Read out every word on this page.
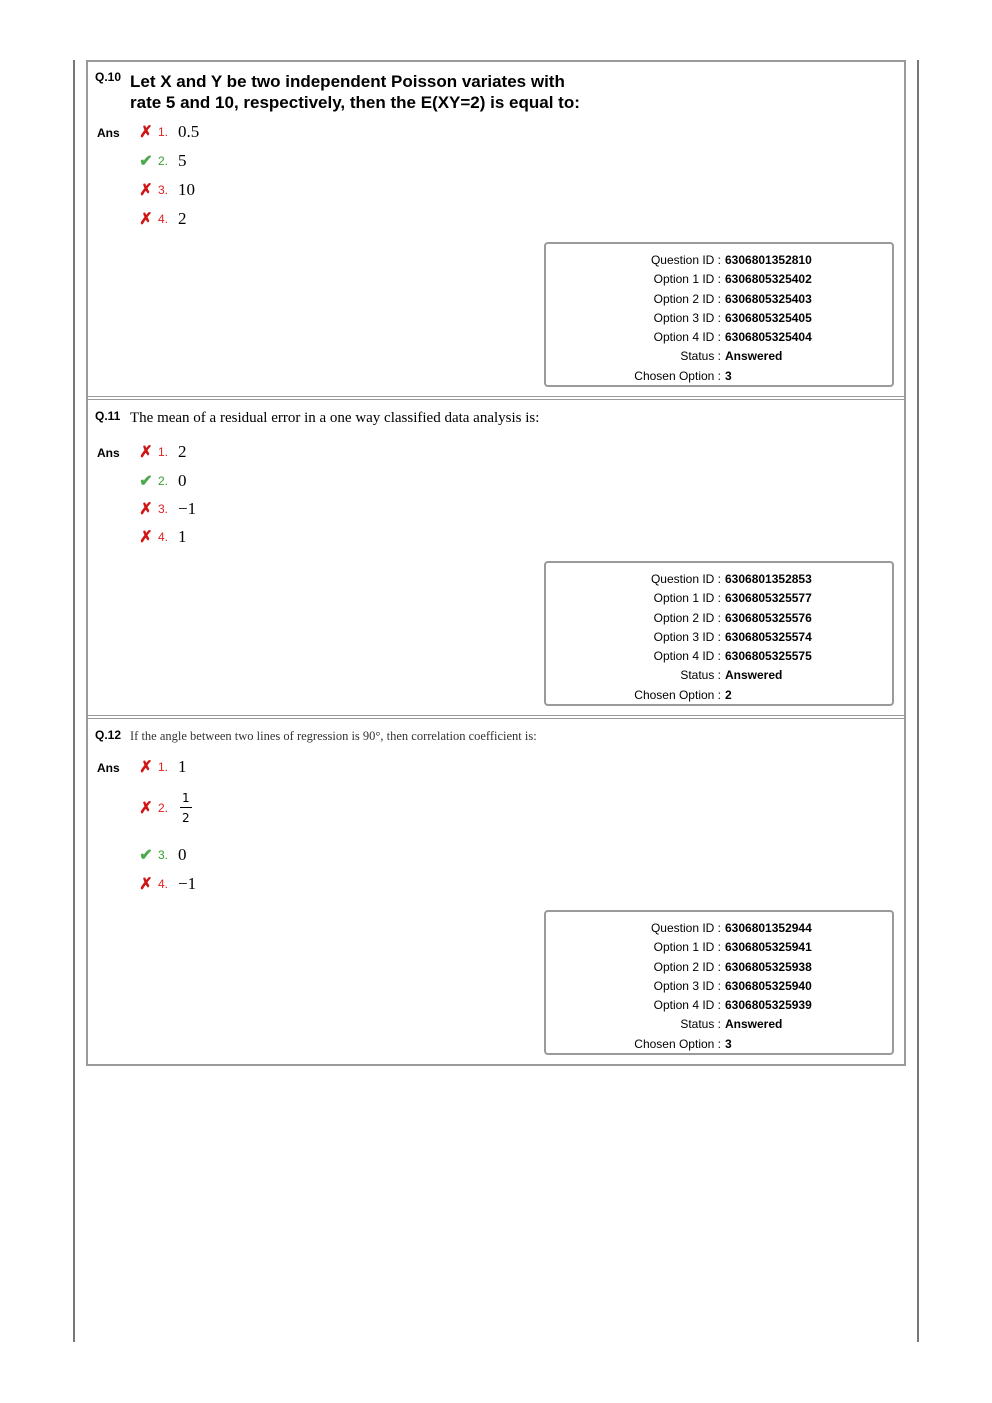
Q.10 Let X and Y be two independent Poisson variates with
rate 5 and 10, respectively, then the E(XY=2) is equal to:
Ans ✗ 1. 0.5
✔ 2. 5
✗ 3. 10
✗ 4. 2
Question ID : 6306801352810
Option 1 ID : 6306805325402
Option 2 ID : 6306805325403
Option 3 ID : 6306805325405
Option 4 ID : 6306805325404
Status : Answered
Chosen Option : 3
Q.11 The mean of a residual error in a one way classified data analysis is:
Ans ✗ 1. 2
✔ 2. 0
✗ 3. −1
✗ 4. 1
Question ID : 6306801352853
Option 1 ID : 6306805325577
Option 2 ID : 6306805325576
Option 3 ID : 6306805325574
Option 4 ID : 6306805325575
Status : Answered
Chosen Option : 2
Q.12 If the angle between two lines of regression is 90°, then correlation coefficient is:
Ans ✗ 1. 1
✗ 2. $\frac{1}{2}$
✔ 3. 0
✗ 4. −1
Question ID : 6306801352944
Option 1 ID : 6306805325941
Option 2 ID : 6306805325938
Option 3 ID : 6306805325940
Option 4 ID : 6306805325939
Status : Answered
Chosen Option : 3
